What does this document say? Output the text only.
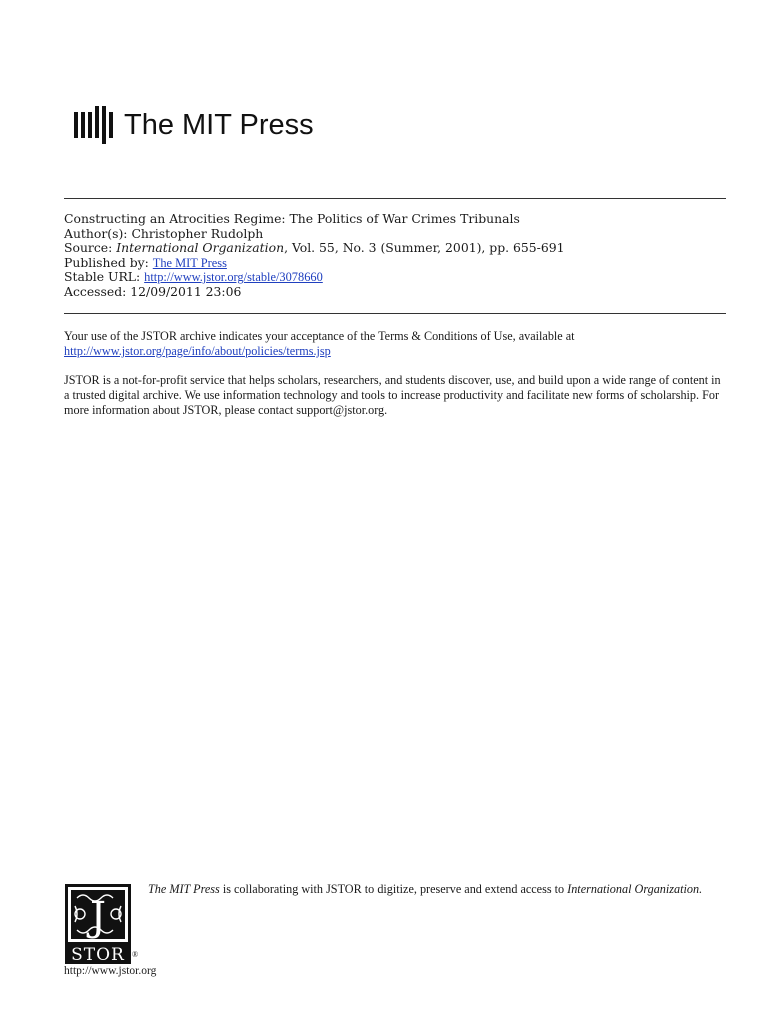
The MIT Press
Constructing an Atrocities Regime: The Politics of War Crimes Tribunals
Author(s): Christopher Rudolph
Source: International Organization, Vol. 55, No. 3 (Summer, 2001), pp. 655-691
Published by: The MIT Press
Stable URL: http://www.jstor.org/stable/3078660
Accessed: 12/09/2011 23:06
Your use of the JSTOR archive indicates your acceptance of the Terms & Conditions of Use, available at
http://www.jstor.org/page/info/about/policies/terms.jsp
JSTOR is a not-for-profit service that helps scholars, researchers, and students discover, use, and build upon a wide range of content in a trusted digital archive. We use information technology and tools to increase productivity and facilitate new forms of scholarship. For more information about JSTOR, please contact support@jstor.org.
J
STOR ®
http://www.jstor.org
The MIT Press is collaborating with JSTOR to digitize, preserve and extend access to International Organization.
